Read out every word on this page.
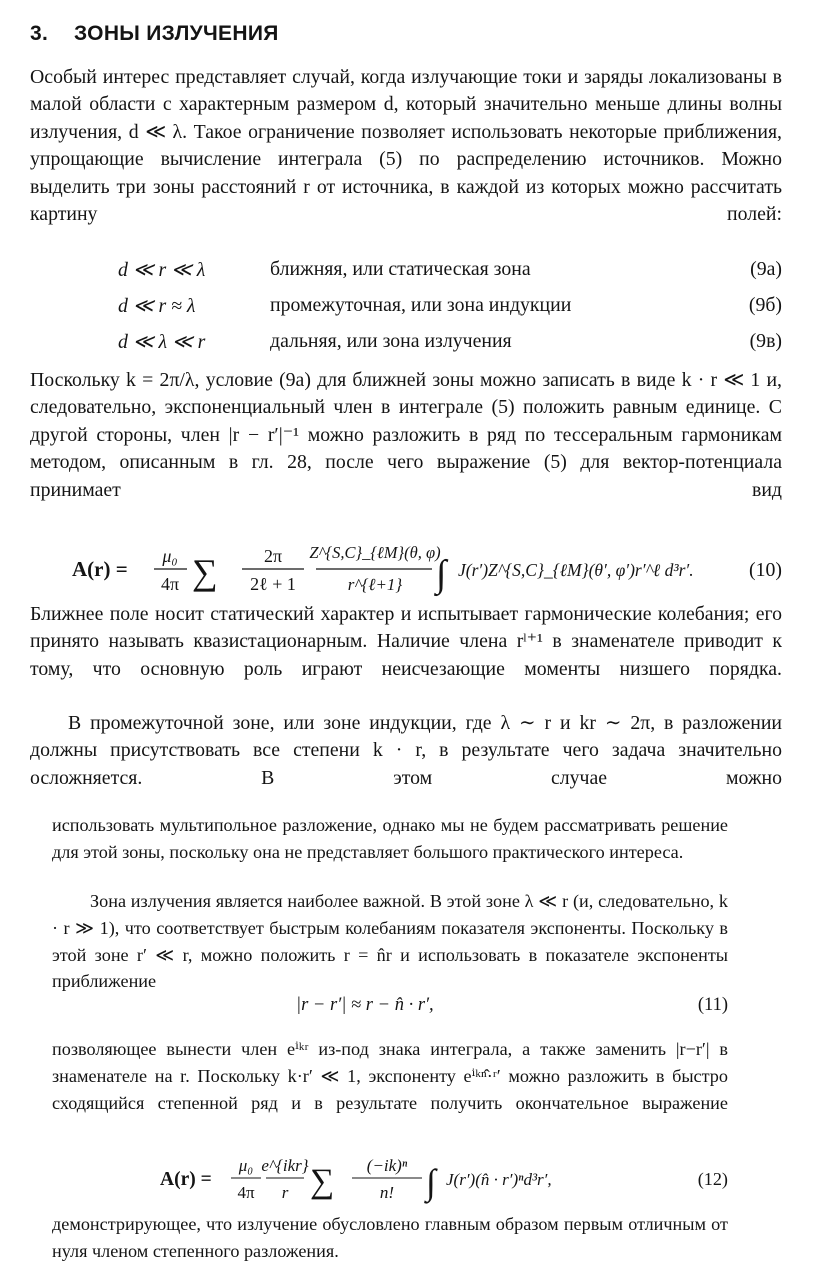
3. ЗОНЫ ИЗЛУЧЕНИЯ

Особый интерес представляет случай, когда излучающие токи и заряды локализованы в малой области с характерным размером d, который значительно меньше длины волны излучения, d ≪ λ. Такое ограничение позволяет использовать некоторые приближения, упрощающие вычисление интеграла (5) по распределению источников. Можно выделить три зоны расстояний r от источника, в каждой из которых можно рассчитать картину полей:

d ≪ r ≪ λ	ближняя, или статическая зона	(9а)
d ≪ r ≈ λ	промежуточная, или зона индукции	(9б)
d ≪ λ ≪ r	дальняя, или зона излучения	(9в)

Поскольку k = 2π/λ, условие (9а) для ближней зоны можно записать в виде k · r ≪ 1 и, следовательно, экспоненциальный член в интеграле (5) положить равным единице. С другой стороны, член |r − r′|⁻¹ можно разложить в ряд по тессеральным гармоникам методом, описанным в гл. 28, после чего выражение (5) для вектор-потенциала принимает вид

A(r) =
μ₀
4π ∑	2π
2ℓ + 1
Z^{S,C}_{ℓM}(θ, φ)
r^{ℓ+1} ∫ J(r′)Z^{S,C}_{ℓM}(θ′, φ′)r′^ℓ d³r′.	(10)

Ближнее поле носит статический характер и испытывает гармонические колебания; его принято называть квазистационарным. Наличие члена rˡ⁺¹ в знаменателе приводит к тому, что основную роль играют неисчезающие моменты низшего порядка.

В промежуточной зоне, или зоне индукции, где λ ∼ r и kr ∼ 2π, в разложении должны присутствовать все степени k · r, в результате чего задача значительно осложняется. В этом случае можно

использовать мультипольное разложение, однако мы не будем рассматривать решение для этой зоны, поскольку она не представляет большого практического интереса.

Зона излучения является наиболее важной. В этой зоне λ ≪ r (и, следовательно, k · r ≫ 1), что соответствует быстрым колебаниям показателя экспоненты. Поскольку в этой зоне r′ ≪ r, можно положить r = n̂r и использовать в показателе экспоненты приближение

|r − r′| ≈ r − n̂ · r′,	(11)

позволяющее вынести член eⁱᵏʳ из-под знака интеграла, а также заменить |r−r′| в знаменателе на r. Поскольку k·r′ ≪ 1, экспоненту eⁱᵏⁿ̂·ʳ′ можно разложить в быстро сходящийся степенной ряд и в результате получить окончательное выражение

A(r) =
μ₀
4π
e^{ikr}
r ∑ (−ik)ⁿ
n! ∫ J(r′)(n̂ · r′)ⁿd³r′,	(12)

демонстрирующее, что излучение обусловлено главным образом первым отличным от нуля членом степенного разложения.
